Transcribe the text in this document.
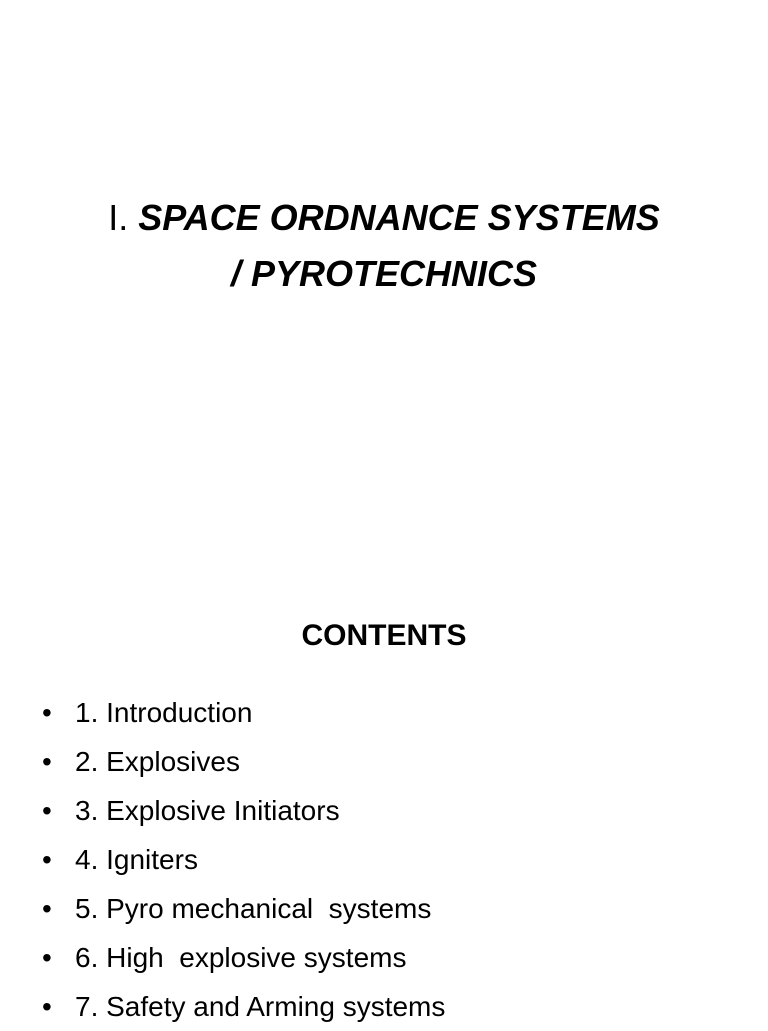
I. SPACE ORDNANCE SYSTEMS
/ PYROTECHNICS
CONTENTS
• 1. Introduction
• 2. Explosives
• 3. Explosive Initiators
• 4. Igniters
• 5. Pyro mechanical  systems
• 6. High  explosive systems
• 7. Safety and Arming systems
